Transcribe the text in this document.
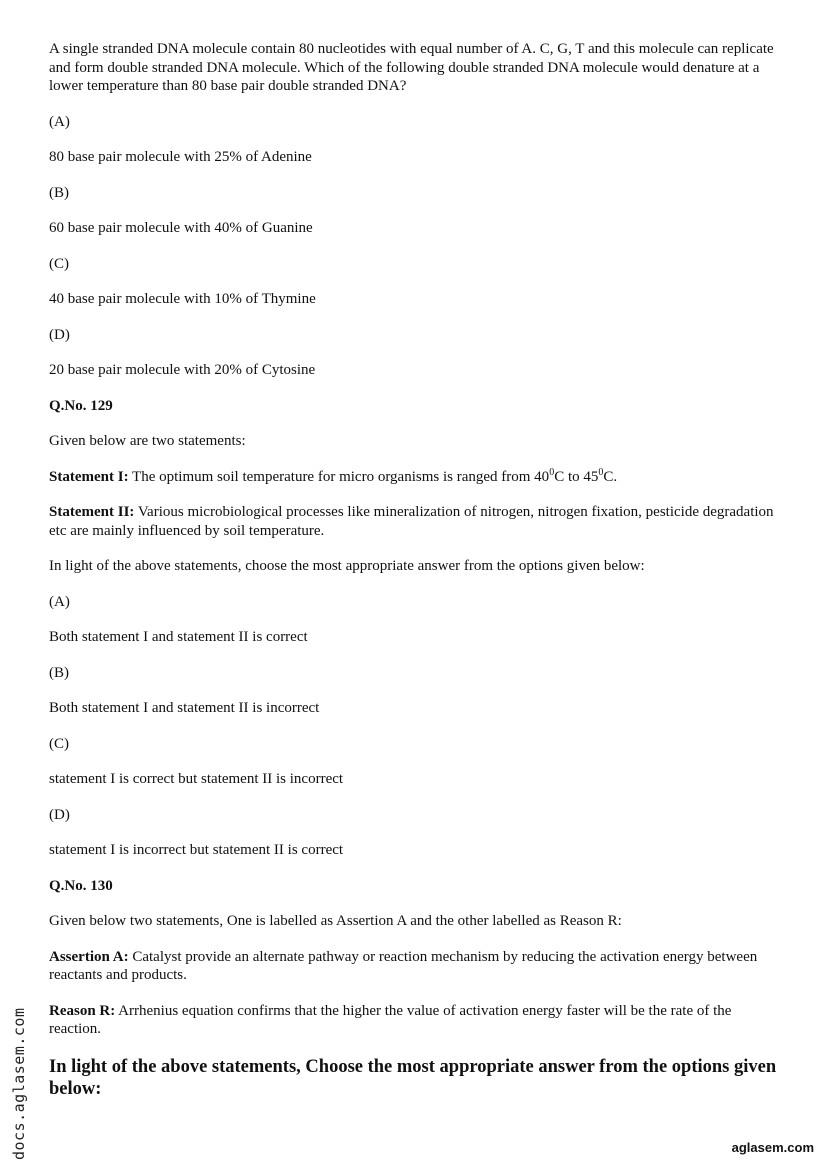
A single stranded DNA molecule contain 80 nucleotides with equal number of A. C, G, T and this molecule can replicate and form double stranded DNA molecule. Which of the following double stranded DNA molecule would denature at a lower temperature than 80 base pair double stranded DNA?

(A)

80 base pair molecule with 25% of Adenine

(B)

60 base pair molecule with 40% of Guanine

(C)

40 base pair molecule with 10% of Thymine

(D)

20 base pair molecule with 20% of Cytosine

Q.No. 129

Given below are two statements:

Statement I: The optimum soil temperature for micro organisms is ranged from $40^0C$ to $45^0C$.

Statement II: Various microbiological processes like mineralization of nitrogen, nitrogen fixation, pesticide degradation etc are mainly influenced by soil temperature.

In light of the above statements, choose the most appropriate answer from the options given below:

(A)

Both statement I and statement II is correct

(B)

Both statement I and statement II is incorrect

(C)

statement I is correct but statement II is incorrect

(D)

statement I is incorrect but statement II is correct

Q.No. 130

Given below two statements, One is labelled as Assertion A and the other labelled as Reason R:

Assertion A: Catalyst provide an alternate pathway or reaction mechanism by reducing the activation energy between reactants and products.

Reason R: Arrhenius equation confirms that the higher the value of activation energy faster will be the rate of the reaction.

In light of the above statements, Choose the most appropriate answer from the options given below:

docs.aglasem.com	aglasem.com
